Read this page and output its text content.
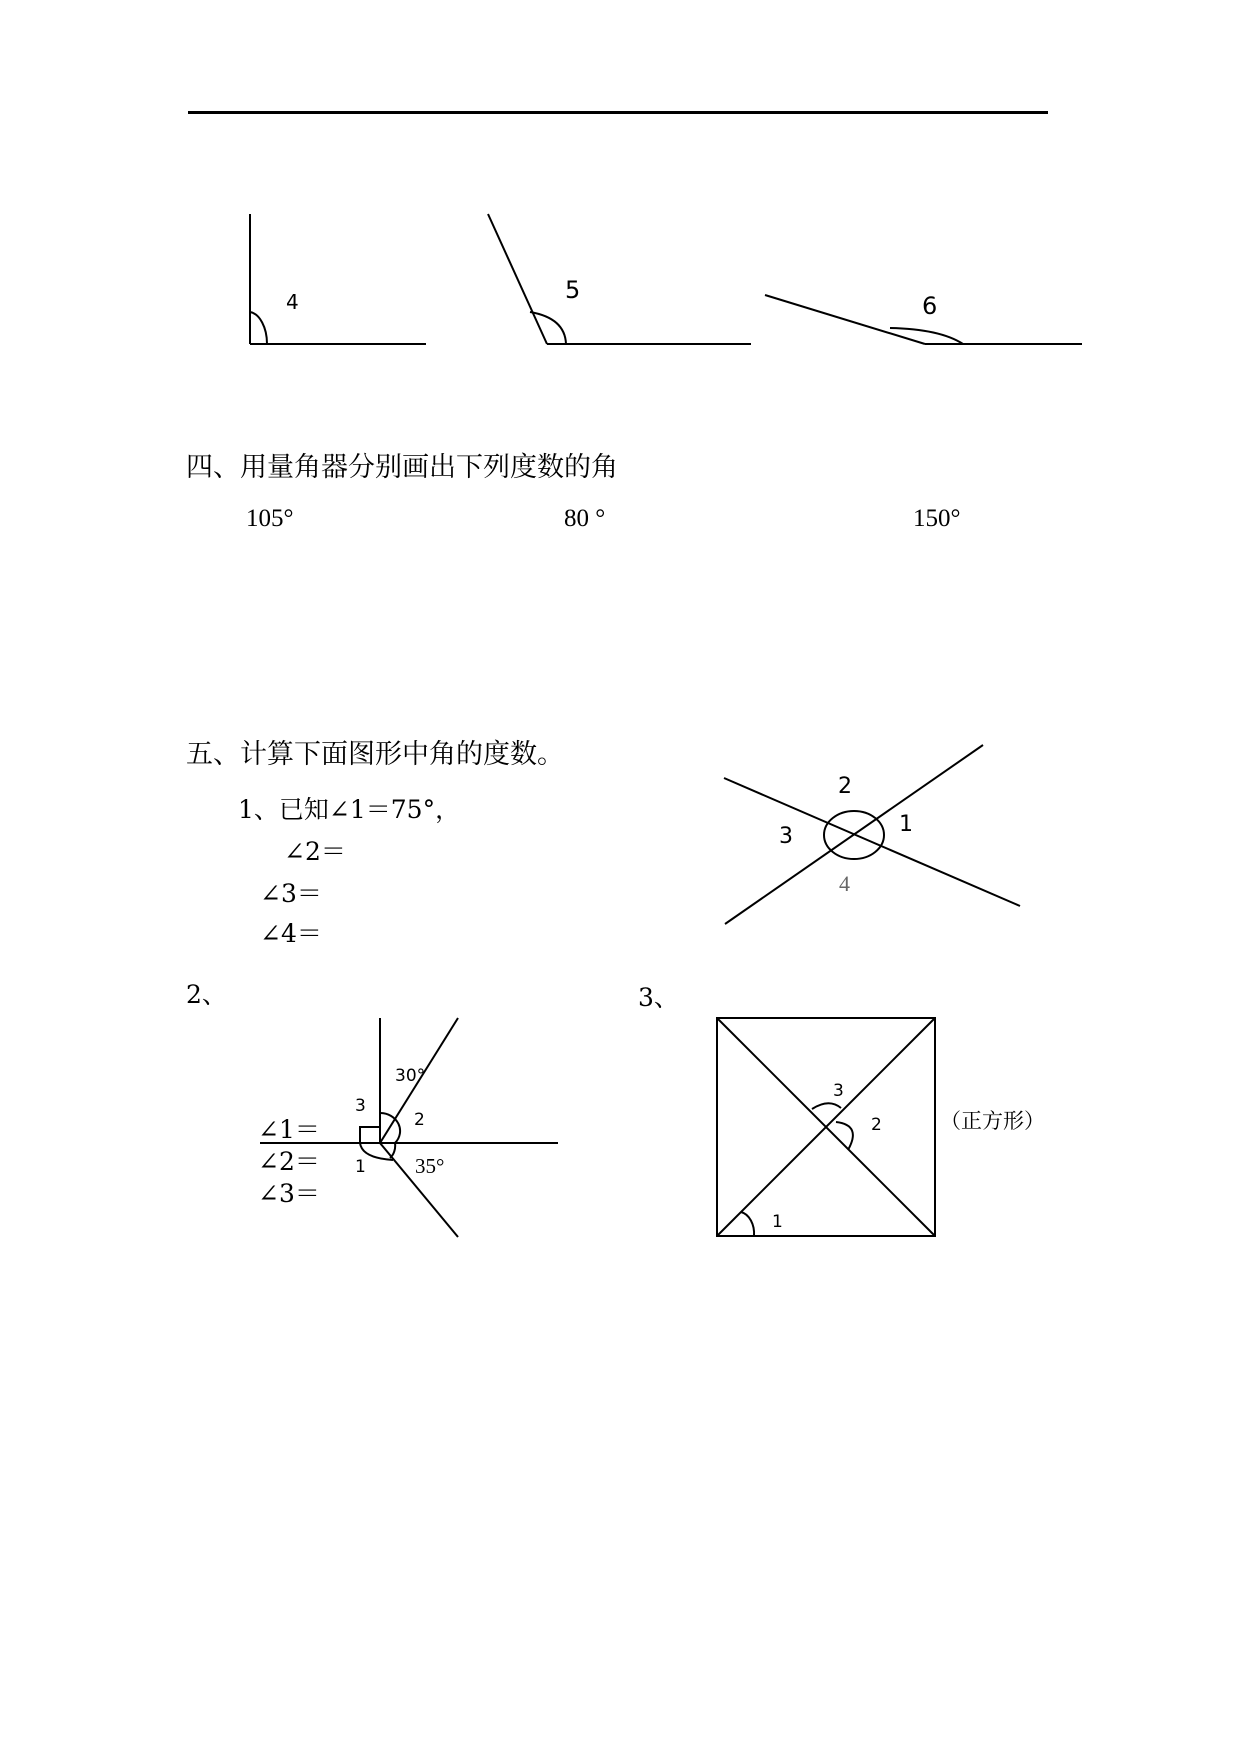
4	5
6
2
1
3
4
30°
3
2
1 35°
3
2
1
四、用量角器分别画出下列度数的角
105°	80 °	150°
五、计算下面图形中角的度数。
1、已知∠1＝75°，
∠2＝
∠3＝
∠4＝
2、
∠1＝
∠2＝
∠3＝
3、
（正方形）
